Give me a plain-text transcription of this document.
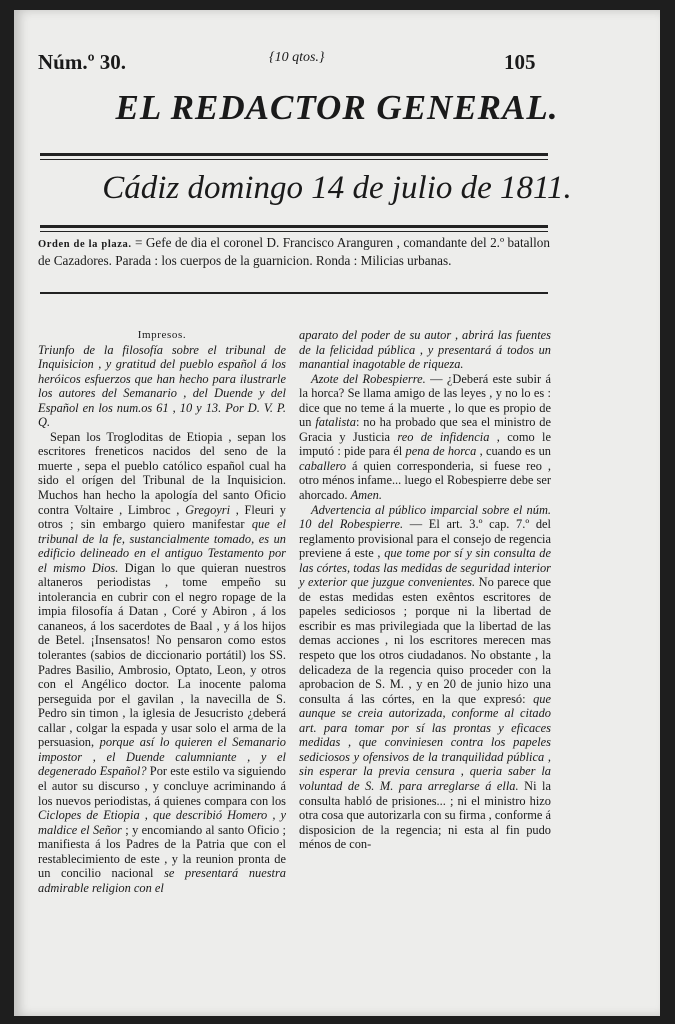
Núm.º 30.	{10 qtos.}	105
EL REDACTOR GENERAL.
Cádiz domingo 14 de julio de 1811.
Orden de la plaza. = Gefe de dia el coronel D. Francisco Aranguren , comandante del 2.º batallon de Cazadores. Parada : los cuerpos de la guarnicion. Ronda : Milicias urbanas.

Impresos.

Triunfo de la filosofía sobre el tribunal de Inquisicion , y gratitud del pueblo español á los heróicos esfuerzos que han hecho para ilustrarle los autores del Semanario , del Duende y del Español en los num.os 61 , 10 y 13. Por D. V. P. Q.

Sepan los Trogloditas de Etiopia , sepan los escritores freneticos nacidos del seno de la muerte , sepa el pueblo católico español cual ha sido el orígen del Tribunal de la Inquisicion. Muchos han hecho la apología del santo Oficio contra Voltaire , Limbroc , Gregoyri , Fleuri y otros ; sin embargo quiero manifestar que el tribunal de la fe, sustancialmente tomado, es un edificio delineado en el antiguo Testamento por el mismo Dios. Digan lo que quieran nuestros altaneros periodistas , tome empeño su intolerancia en cubrir con el negro ropage de la impia filosofía á Datan , Coré y Abiron , á los cananeos, á los sacerdotes de Baal , y á los hijos de Betel. ¡Insensatos! No pensaron como estos tolerantes (sabios de diccionario portátil) los SS. Padres Basilio, Ambrosio, Optato, Leon, y otros con el Angélico doctor. La inocente paloma perseguida por el gavilan , la navecilla de S. Pedro sin timon , la iglesia de Jesucristo ¿deberá callar , colgar la espada y usar solo el arma de la persuasion, porque así lo quieren el Semanario impostor , el Duende calumniante , y el degenerado Español? Por este estilo va siguiendo el autor su discurso , y concluye acriminando á los nuevos periodistas, á quienes compara con los Ciclopes de Etiopia , que describió Homero , y maldice el Señor ; y encomiando al santo Oficio ; manifiesta á los Padres de la Patria que con el restablecimiento de este , y la reunion pronta de un concilio nacional se presentará nuestra admirable religion con el

aparato del poder de su autor , abrirá las fuentes de la felicidad pública , y presentará á todos un manantial inagotable de riqueza.

Azote del Robespierre. — ¿Deberá este subir á la horca? Se llama amigo de las leyes , y no lo es : dice que no teme á la muerte , lo que es propio de un fatalista: no ha probado que sea el ministro de Gracia y Justicia reo de infidencia , como le imputó : pide para él pena de horca , cuando es un caballero á quien corresponderia, si fuese reo , otro ménos infame... luego el Robespierre debe ser ahorcado. Amen.

Advertencia al público imparcial sobre el núm. 10 del Robespierre. — El art. 3.º cap. 7.º del reglamento provisional para el consejo de regencia previene á este , que tome por sí y sin consulta de las córtes, todas las medidas de seguridad interior y exterior que juzgue convenientes. No parece que de estas medidas esten exêntos escritores de papeles sediciosos ; porque ni la libertad de escribir es mas privilegiada que la libertad de las demas acciones , ni los escritores merecen mas respeto que los otros ciudadanos. No obstante , la delicadeza de la regencia quiso proceder con la aprobacion de S. M. , y en 20 de junio hizo una consulta á las córtes, en la que expresó: que aunque se creia autorizada, conforme al citado art. para tomar por sí las prontas y eficaces medidas , que conviniesen contra los papeles sediciosos y ofensivos de la tranquilidad pública , sin esperar la previa censura , queria saber la voluntad de S. M. para arreglarse á ella. Ni la consulta habló de prisiones... ; ni el ministro hizo otra cosa que autorizarla con su firma , conforme á disposicion de la regencia; ni esta al fin pudo ménos de con-
